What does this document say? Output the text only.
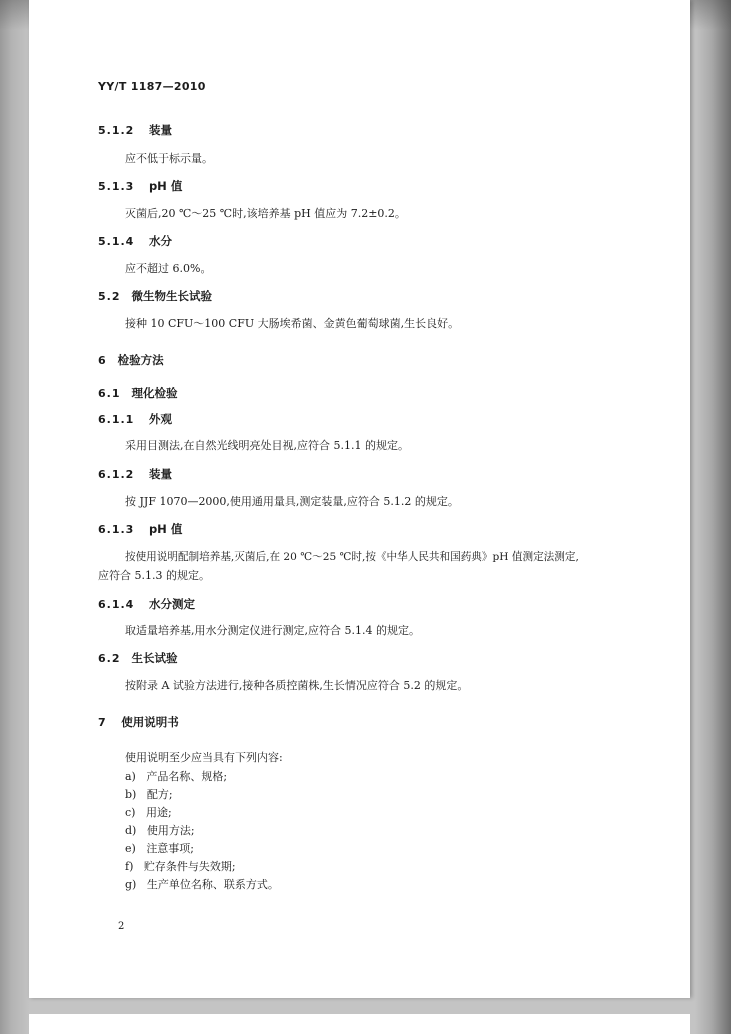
YY/T 1187—2010
5.1.2 装量
应不低于标示量。
5.1.3 pH 值
灭菌后,20 ℃～25 ℃时,该培养基 pH 值应为 7.2±0.2。
5.1.4 水分
应不超过 6.0%。
5.2 微生物生长试验
接种 10 CFU～100 CFU 大肠埃希菌、金黄色葡萄球菌,生长良好。
6 检验方法
6.1 理化检验
6.1.1 外观
采用目测法,在自然光线明亮处目视,应符合 5.1.1 的规定。
6.1.2 装量
按 JJF 1070—2000,使用通用量具,测定装量,应符合 5.1.2 的规定。
6.1.3 pH 值
按使用说明配制培养基,灭菌后,在 20 ℃～25 ℃时,按《中华人民共和国药典》pH 值测定法测定,
应符合 5.1.3 的规定。
6.1.4 水分测定
取适量培养基,用水分测定仪进行测定,应符合 5.1.4 的规定。
6.2 生长试验
按附录 A 试验方法进行,接种各质控菌株,生长情况应符合 5.2 的规定。
7 使用说明书
使用说明至少应当具有下列内容:
a) 产品名称、规格;
b) 配方;
c) 用途;
d) 使用方法;
e) 注意事项;
f) 贮存条件与失效期;
g) 生产单位名称、联系方式。
2
